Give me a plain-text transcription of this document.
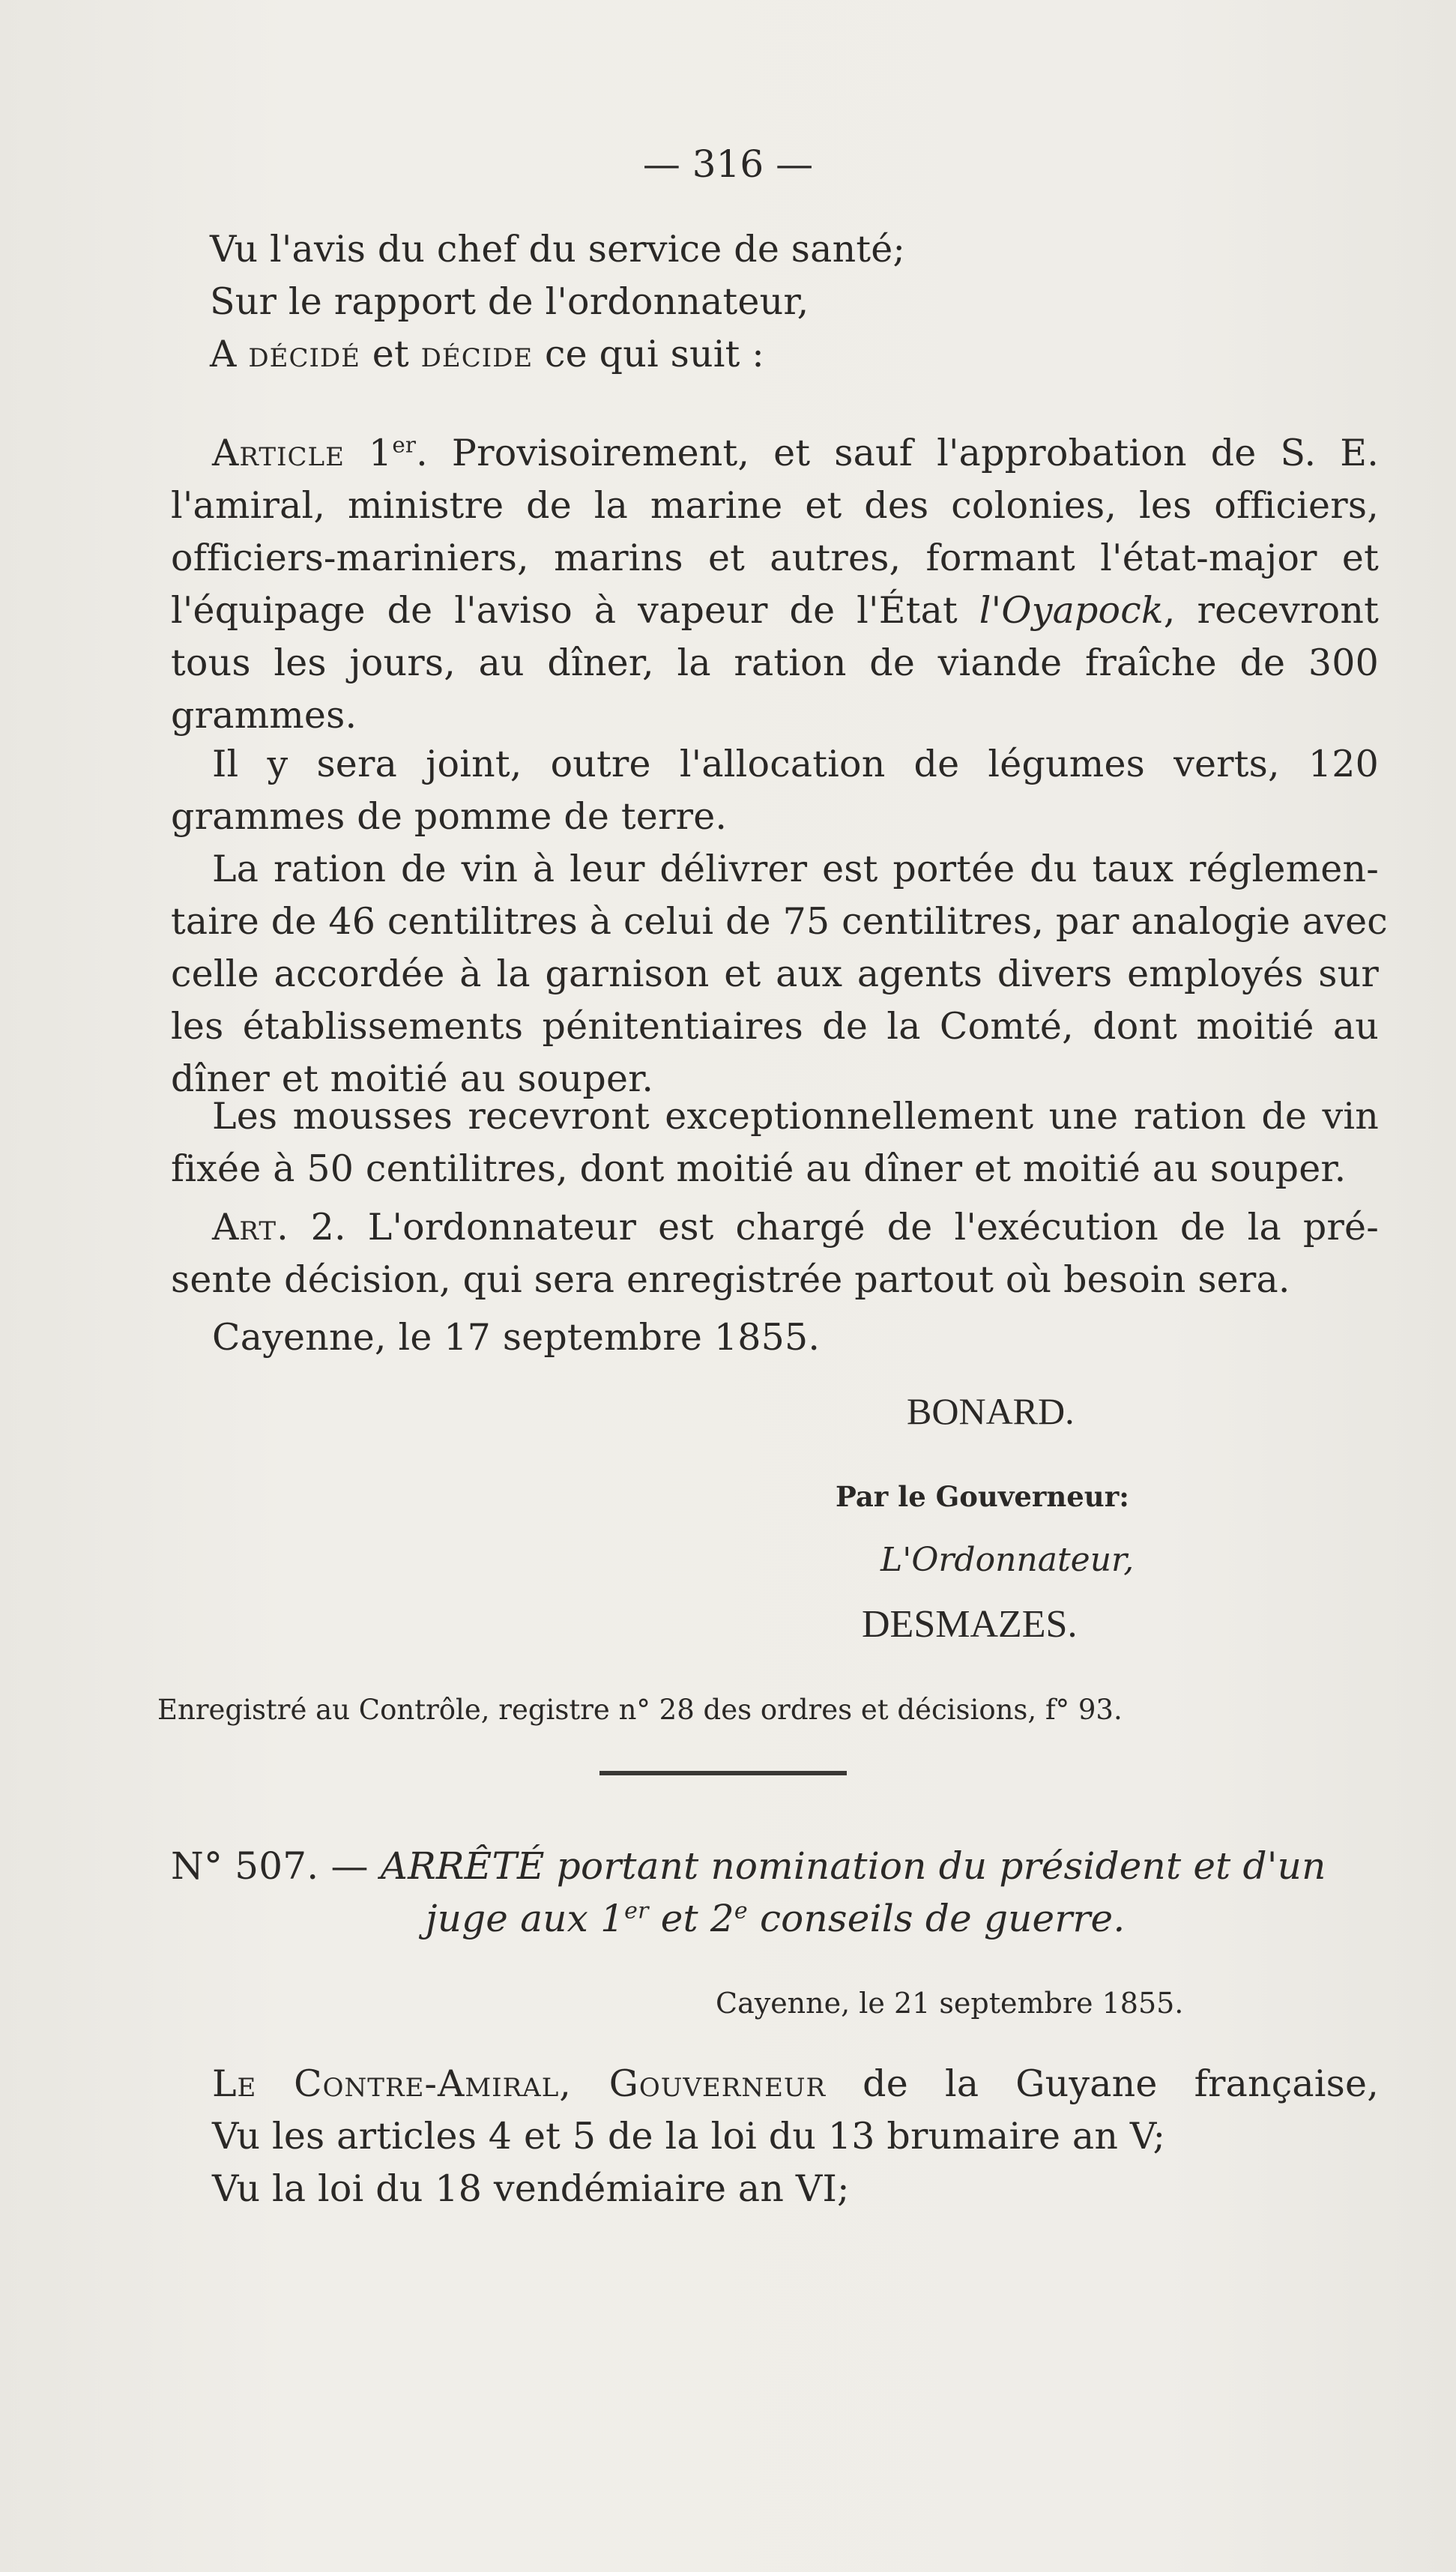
— 316 —
Vu l'avis du chef du service de santé;
Sur le rapport de l'ordonnateur,
A décidé et décide ce qui suit :
Article 1er. Provisoirement, et sauf l'approbation de S. E.
l'amiral, ministre de la marine et des colonies, les officiers,
officiers-mariniers, marins et autres, formant l'état-major et
l'équipage de l'aviso à vapeur de l'État l'Oyapock, recevront
tous les jours, au dîner, la ration de viande fraîche de 300
grammes.
Il y sera joint, outre l'allocation de légumes verts, 120
grammes de pomme de terre.
La ration de vin à leur délivrer est portée du taux réglemen-
taire de 46 centilitres à celui de 75 centilitres, par analogie avec
celle accordée à la garnison et aux agents divers employés sur
les établissements pénitentiaires de la Comté, dont moitié au
dîner et moitié au souper.
Les mousses recevront exceptionnellement une ration de vin
fixée à 50 centilitres, dont moitié au dîner et moitié au souper.
Art. 2. L'ordonnateur est chargé de l'exécution de la pré-
sente décision, qui sera enregistrée partout où besoin sera.
Cayenne, le 17 septembre 1855.
BONARD.
Par le Gouverneur:
L'Ordonnateur,
DESMAZES.
Enregistré au Contrôle, registre n° 28 des ordres et décisions, f° 93.
N° 507. — ARRÊTÉ portant nomination du président et d'un
juge aux 1er et 2e conseils de guerre.
Cayenne, le 21 septembre 1855.
Le Contre-Amiral, Gouverneur de la Guyane française,
Vu les articles 4 et 5 de la loi du 13 brumaire an V;
Vu la loi du 18 vendémiaire an VI;
